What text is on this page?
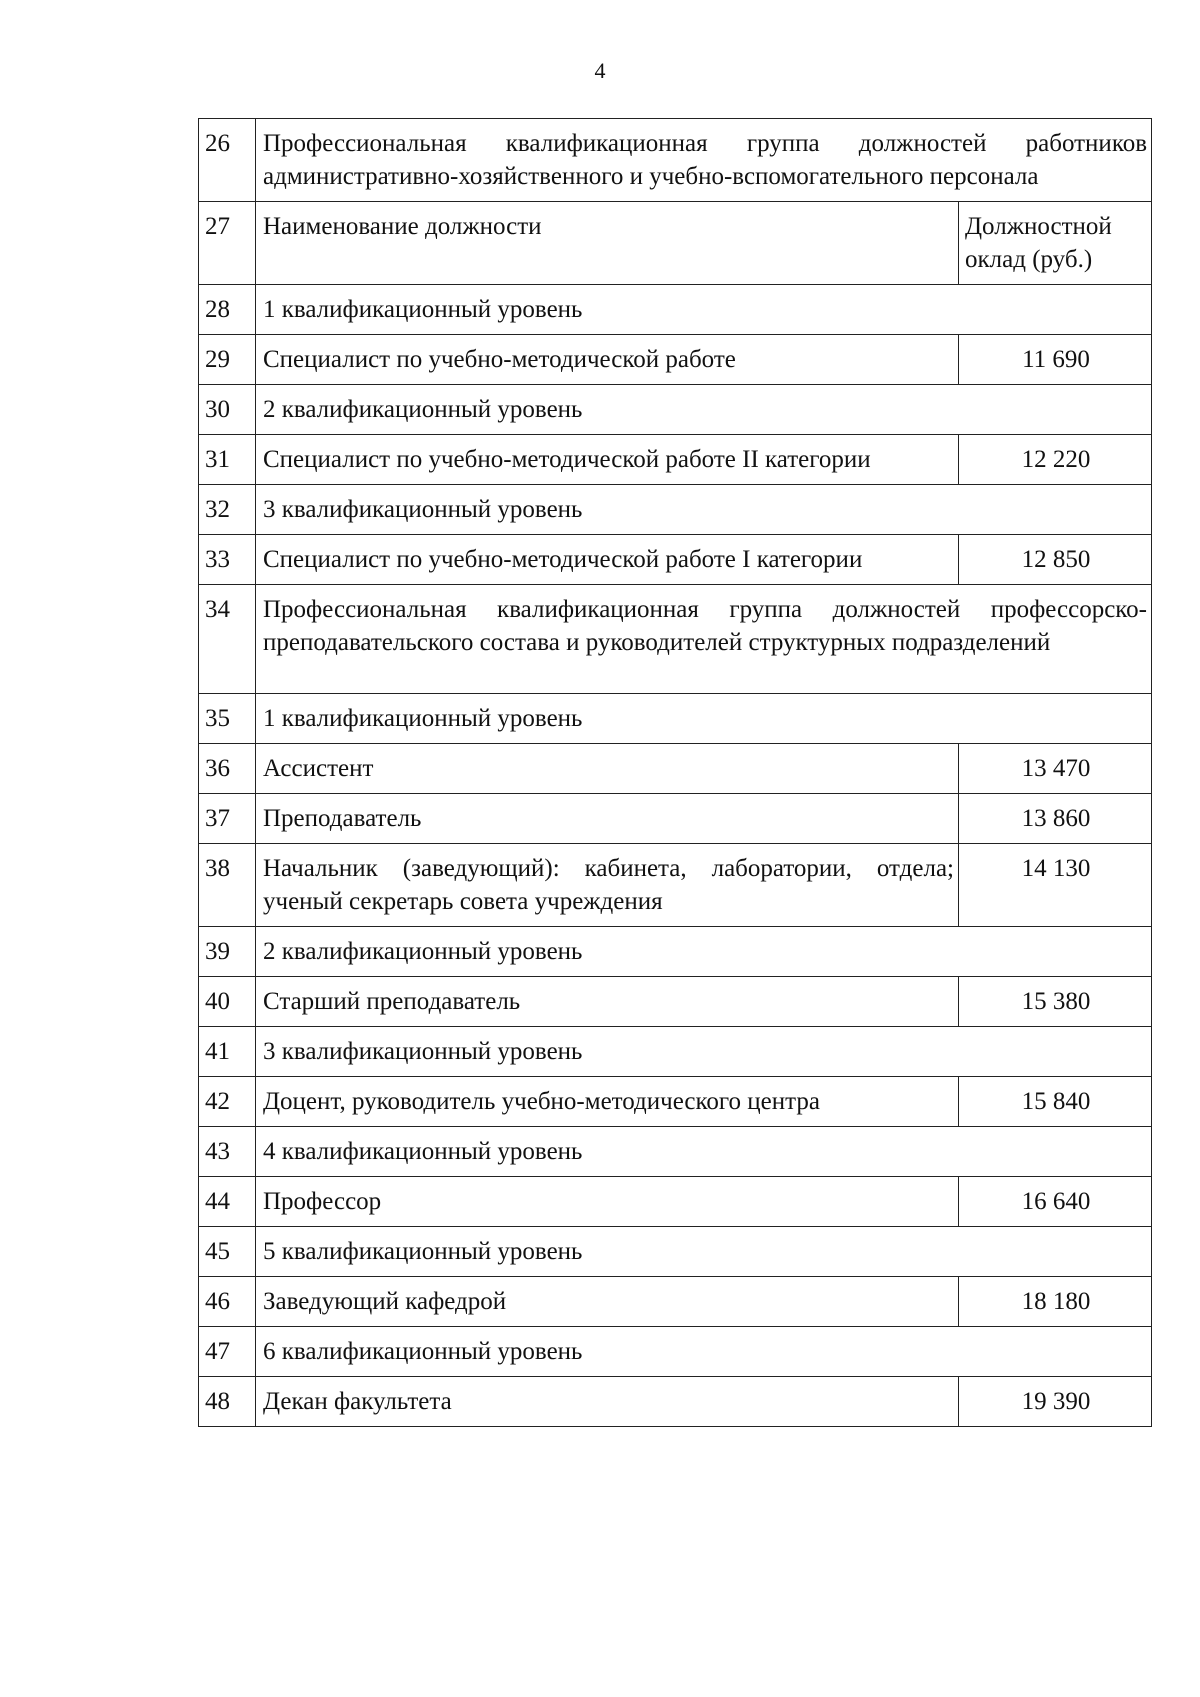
4
26	Профессиональная квалификационная группа должностей работников административно-хозяйственного и учебно-вспомогательного персонала	
27	Наименование должности	Должностной оклад (руб.)
28	1 квалификационный уровень	
29	Специалист по учебно-методической работе	11 690
30	2 квалификационный уровень	
31	Специалист по учебно-методической работе II категории	12 220
32	3 квалификационный уровень	
33	Специалист по учебно-методической работе I категории	12 850
34	Профессиональная квалификационная группа должностей профессорско-преподавательского состава и руководителей структурных подразделений	
35	1 квалификационный уровень	
36	Ассистент	13 470
37	Преподаватель	13 860
38	Начальник (заведующий): кабинета, лаборатории, отдела; ученый секретарь совета учреждения	14 130
39	2 квалификационный уровень	
40	Старший преподаватель	15 380
41	3 квалификационный уровень	
42	Доцент, руководитель учебно-методического центра	15 840
43	4 квалификационный уровень	
44	Профессор	16 640
45	5 квалификационный уровень	
46	Заведующий кафедрой	18 180
47	6 квалификационный уровень	
48	Декан факультета	19 390
